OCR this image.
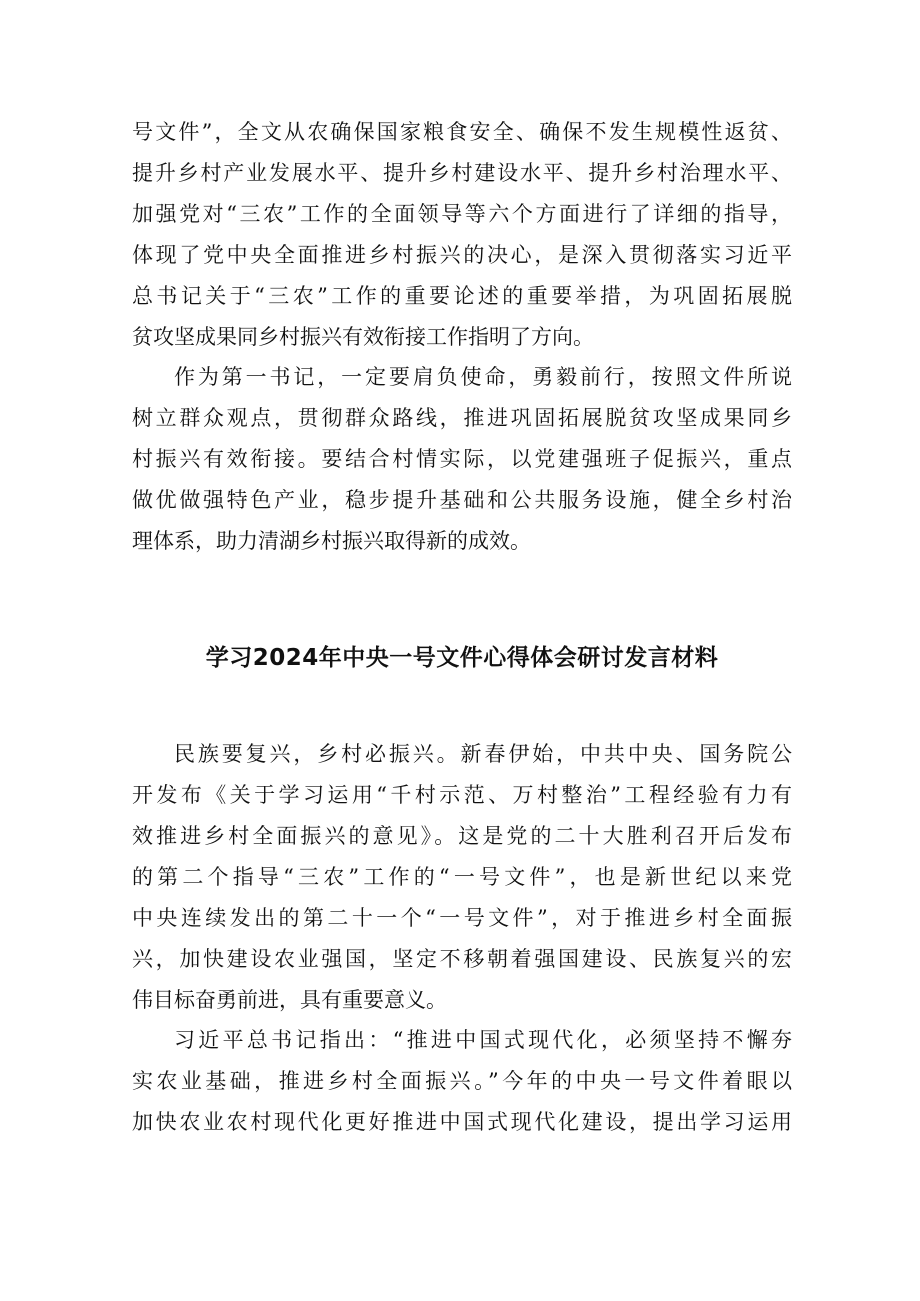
号文件”，全文从农确保国家粮食安全、确保不发生规模性返贫、
提升乡村产业发展水平、提升乡村建设水平、提升乡村治理水平、
加强党对“三农”工作的全面领导等六个方面进行了详细的指导，
体现了党中央全面推进乡村振兴的决心，是深入贯彻落实习近平
总书记关于“三农”工作的重要论述的重要举措，为巩固拓展脱
贫攻坚成果同乡村振兴有效衔接工作指明了方向。
作为第一书记，一定要肩负使命，勇毅前行，按照文件所说
树立群众观点，贯彻群众路线，推进巩固拓展脱贫攻坚成果同乡
村振兴有效衔接。要结合村情实际，以党建强班子促振兴，重点
做优做强特色产业，稳步提升基础和公共服务设施，健全乡村治
理体系，助力清湖乡村振兴取得新的成效。
学习2024年中央一号文件心得体会研讨发言材料
民族要复兴，乡村必振兴。新春伊始，中共中央、国务院公
开发布《关于学习运用“千村示范、万村整治”工程经验有力有
效推进乡村全面振兴的意见》。这是党的二十大胜利召开后发布
的第二个指导“三农”工作的“一号文件”，也是新世纪以来党
中央连续发出的第二十一个“一号文件”，对于推进乡村全面振
兴，加快建设农业强国，坚定不移朝着强国建设、民族复兴的宏
伟目标奋勇前进，具有重要意义。
习近平总书记指出：“推进中国式现代化，必须坚持不懈夯
实农业基础，推进乡村全面振兴。”今年的中央一号文件着眼以
加快农业农村现代化更好推进中国式现代化建设，提出学习运用
